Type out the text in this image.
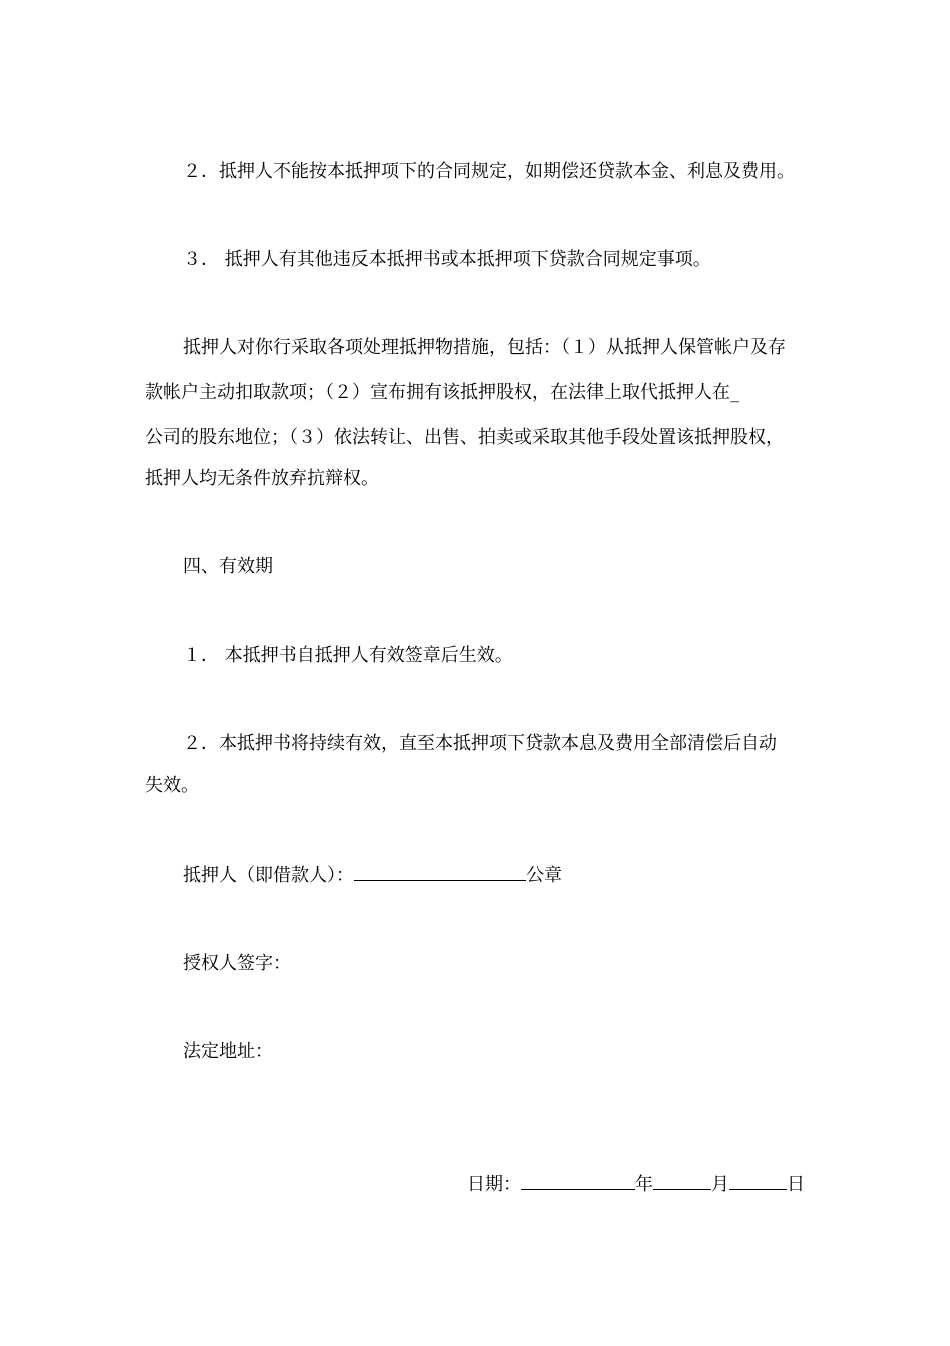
２．抵押人不能按本抵押项下的合同规定，如期偿还贷款本金、利息及费用。
３． 抵押人有其他违反本抵押书或本抵押项下贷款合同规定事项。
抵押人对你行采取各项处理抵押物措施，包括：（１）从抵押人保管帐户及存
款帐户主动扣取款项；（２）宣布拥有该抵押股权，在法律上取代抵押人在_
公司的股东地位；（３）依法转让、出售、拍卖或采取其他手段处置该抵押股权，
抵押人均无条件放弃抗辩权。
四、有效期
１． 本抵押书自抵押人有效签章后生效。
２．本抵押书将持续有效，直至本抵押项下贷款本息及费用全部清偿后自动
失效。
抵押人（即借款人）：	公章
授权人签字：
法定地址：
日期：	年	月	日
